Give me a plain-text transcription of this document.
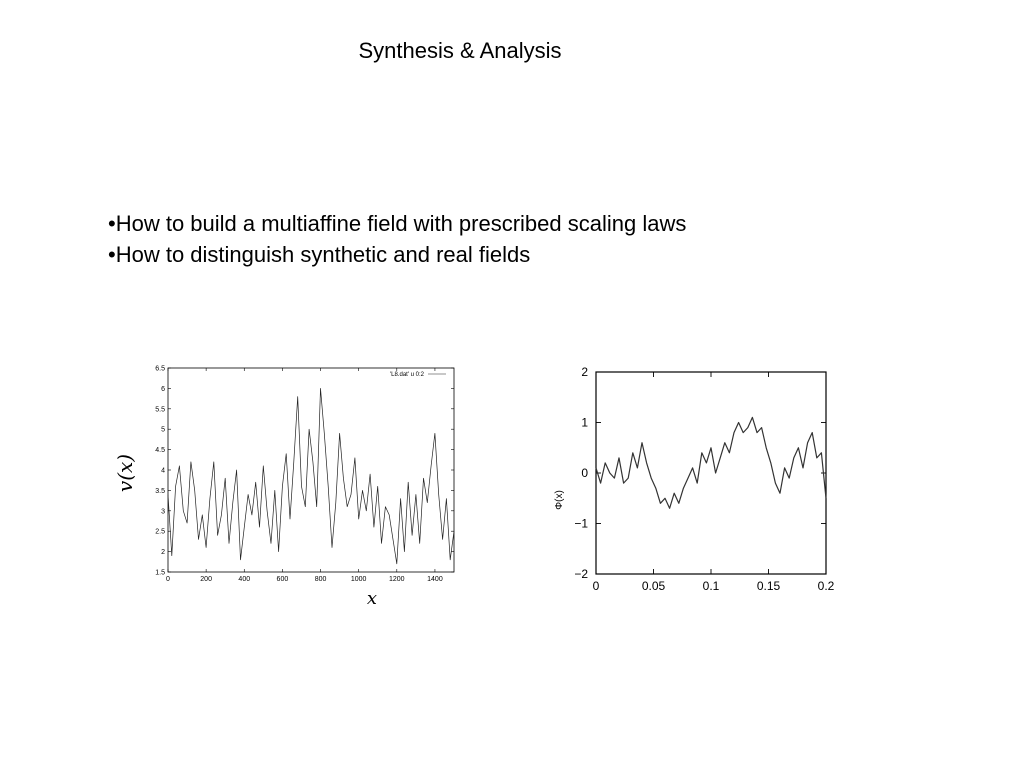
Synthesis & Analysis
•How to build a multiaffine field with prescribed scaling laws
•How to distinguish synthetic and real fields
0	200	400	600	800	1000	1200	1400
1.5
2
2.5
3
3.5
4
4.5
5
5.5
6
6.5
'L8.dat' u 0:2
v(x)
x
0	0.05	0.1	0.15	0.2
−2
−1
0
1
2
Φ(x)
